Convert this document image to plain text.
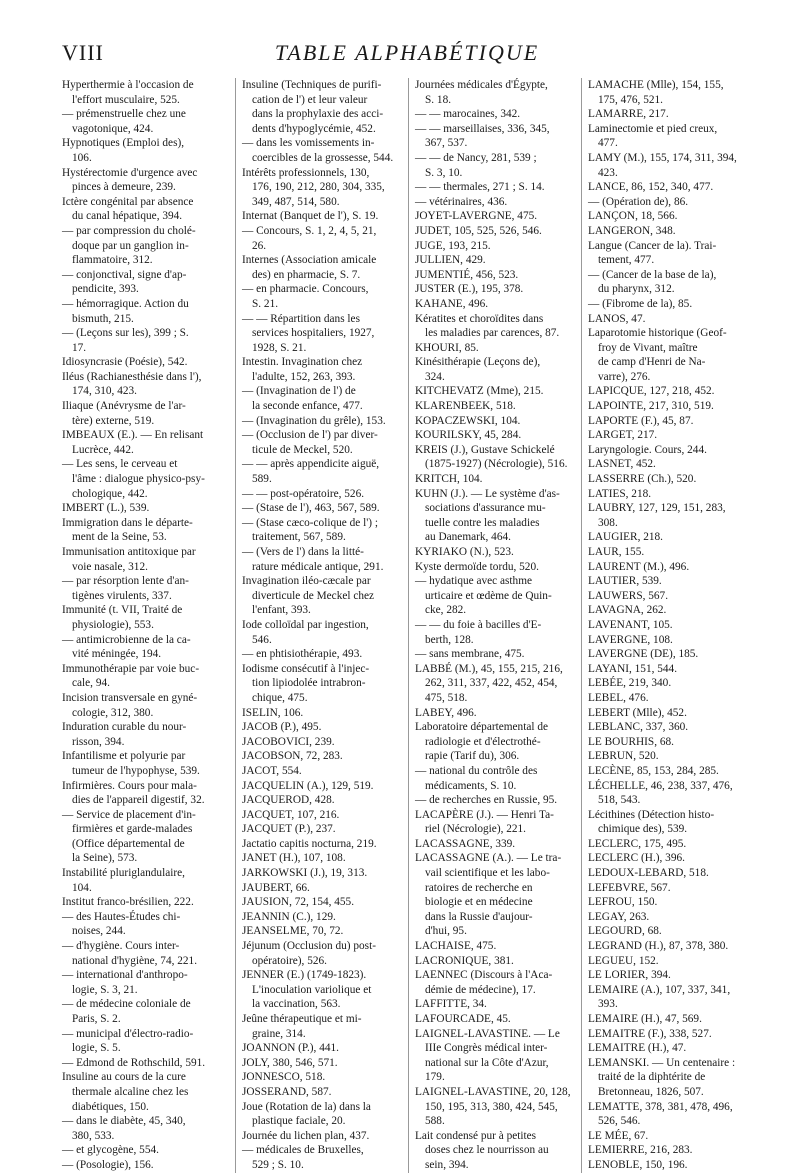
VIII	TABLE ALPHABÉTIQUE

Hyperthermie à l'occasion de
l'effort musculaire, 525.

— prémenstruelle chez une
vagotonique, 424.

Hypnotiques (Emploi des),
106.

Hystérectomie d'urgence avec
pinces à demeure, 239.

Ictère congénital par absence
du canal hépatique, 394.

— par compression du cholé-
doque par un ganglion in-
flammatoire, 312.

— conjonctival, signe d'ap-
pendicite, 393.

— hémorragique. Action du
bismuth, 215.

— (Leçons sur les), 399 ; S.
17.

Idiosyncrasie (Poésie), 542.

Iléus (Rachianesthésie dans l'),
174, 310, 423.

Iliaque (Anévrysme de l'ar-
tère) externe, 519.

IMBEAUX (E.). — En relisant
Lucrèce, 442.

— Les sens, le cerveau et
l'âme : dialogue physico-psy-
chologique, 442.

IMBERT (L.), 539.

Immigration dans le départe-
ment de la Seine, 53.

Immunisation antitoxique par
voie nasale, 312.

— par résorption lente d'an-
tigènes virulents, 337.

Immunité (t. VII, Traité de
physiologie), 553.

— antimicrobienne de la ca-
vité méningée, 194.

Immunothérapie par voie buc-
cale, 94.

Incision transversale en gyné-
cologie, 312, 380.

Induration curable du nour-
risson, 394.

Infantilisme et polyurie par
tumeur de l'hypophyse, 539.

Infirmières. Cours pour mala-
dies de l'appareil digestif, 32.

— Service de placement d'in-
firmières et garde-malades
(Office départemental de
la Seine), 573.

Instabilité pluriglandulaire,
104.

Institut franco-brésilien, 222.

— des Hautes-Études chi-
noises, 244.

— d'hygiène. Cours inter-
national d'hygiène, 74, 221.

— international d'anthropo-
logie, S. 3, 21.

— de médecine coloniale de
Paris, S. 2.

— municipal d'électro-radio-
logie, S. 5.

— Edmond de Rothschild, 591.

Insuline au cours de la cure
thermale alcaline chez les
diabétiques, 150.

— dans le diabète, 45, 340,
380, 533.

— et glycogène, 554.

— (Posologie), 156.

Insuline (Techniques de purifi-
cation de l') et leur valeur
dans la prophylaxie des acci-
dents d'hypoglycémie, 452.

— dans les vomissements in-
coercibles de la grossesse, 544.

Intérêts professionnels, 130,
176, 190, 212, 280, 304, 335,
349, 487, 514, 580.

Internat (Banquet de l'), S. 19.

— Concours, S. 1, 2, 4, 5, 21,
26.

Internes (Association amicale
des) en pharmacie, S. 7.

— en pharmacie. Concours,
S. 21.

— — Répartition dans les
services hospitaliers, 1927,
1928, S. 21.

Intestin. Invagination chez
l'adulte, 152, 263, 393.

— (Invagination de l') de
la seconde enfance, 477.

— (Invagination du grêle), 153.

— (Occlusion de l') par diver-
ticule de Meckel, 520.

— — après appendicite aiguë,
589.

— — post-opératoire, 526.

— (Stase de l'), 463, 567, 589.

— (Stase cæco-colique de l') ;
traitement, 567, 589.

— (Vers de l') dans la litté-
rature médicale antique, 291.

Invagination iléo-cæcale par
diverticule de Meckel chez
l'enfant, 393.

Iode colloïdal par ingestion,
546.

— en phtisiothérapie, 493.

Iodisme consécutif à l'injec-
tion lipiodolée intrabron-
chique, 475.

ISELIN, 106.

JACOB (P.), 495.

JACOBOVICI, 239.

JACOBSON, 72, 283.

JACOT, 554.

JACQUELIN (A.), 129, 519.

JACQUEROD, 428.

JACQUET, 107, 216.

JACQUET (P.), 237.

Jactatio capitis nocturna, 219.

JANET (H.), 107, 108.

JARKOWSKI (J.), 19, 313.

JAUBERT, 66.

JAUSION, 72, 154, 455.

JEANNIN (C.), 129.

JEANSELME, 70, 72.

Jéjunum (Occlusion du) post-
opératoire), 526.

JENNER (E.) (1749-1823).
L'inoculation variolique et
la vaccination, 563.

Jeûne thérapeutique et mi-
graine, 314.

JOANNON (P.), 441.

JOLY, 380, 546, 571.

JONNESCO, 518.

JOSSERAND, 587.

Joue (Rotation de la) dans la
plastique faciale, 20.

Journée du lichen plan, 437.

— médicales de Bruxelles,
529 ; S. 10.

Journées médicales d'Égypte,
S. 18.

— — marocaines, 342.

— — marseillaises, 336, 345,
367, 537.

— — de Nancy, 281, 539 ;
S. 3, 10.

— — thermales, 271 ; S. 14.

— vétérinaires, 436.

JOYET-LAVERGNE, 475.

JUDET, 105, 525, 526, 546.

JUGE, 193, 215.

JULLIEN, 429.

JUMENTIÉ, 456, 523.

JUSTER (E.), 195, 378.

KAHANE, 496.

Kératites et choroïdites dans
les maladies par carences, 87.

KHOURI, 85.

Kinésithérapie (Leçons de),
324.

KITCHEVATZ (Mme), 215.

KLARENBEEK, 518.

KOPACZEWSKI, 104.

KOURILSKY, 45, 284.

KREIS (J.), Gustave Schickelé
(1875-1927) (Nécrologie), 516.

KRITCH, 104.

KUHN (J.). — Le système d'as-
sociations d'assurance mu-
tuelle contre les maladies
au Danemark, 464.

KYRIAKO (N.), 523.

Kyste dermoïde tordu, 520.

— hydatique avec asthme
urticaire et œdème de Quin-
cke, 282.

— — du foie à bacilles d'E-
berth, 128.

— sans membrane, 475.

LABBÉ (M.), 45, 155, 215, 216,
262, 311, 337, 422, 452, 454,
475, 518.

LABEY, 496.

Laboratoire départemental de
radiologie et d'électrothé-
rapie (Tarif du), 306.

— national du contrôle des
médicaments, S. 10.

— de recherches en Russie, 95.

LACAPÈRE (J.). — Henri Ta-
riel (Nécrologie), 221.

LACASSAGNE, 339.

LACASSAGNE (A.). — Le tra-
vail scientifique et les labo-
ratoires de recherche en
biologie et en médecine
dans la Russie d'aujour-
d'hui, 95.

LACHAISE, 475.

LACRONIQUE, 381.

LAENNEC (Discours à l'Aca-
démie de médecine), 17.

LAFFITTE, 34.

LAFOURCADE, 45.

LAIGNEL-LAVASTINE. — Le
IIIe Congrès médical inter-
national sur la Côte d'Azur,
179.

LAIGNEL-LAVASTINE, 20, 128,
150, 195, 313, 380, 424, 545,
588.

Lait condensé pur à petites
doses chez le nourrisson au
sein, 394.

LAMACHE (Mlle), 154, 155,
175, 476, 521.

LAMARRE, 217.

Laminectomie et pied creux,
477.

LAMY (M.), 155, 174, 311, 394,
423.

LANCE, 86, 152, 340, 477.

— (Opération de), 86.

LANÇON, 18, 566.

LANGERON, 348.

Langue (Cancer de la). Trai-
tement, 477.

— (Cancer de la base de la),
du pharynx, 312.

— (Fibrome de la), 85.

LANOS, 47.

Laparotomie historique (Geof-
froy de Vivant, maître
de camp d'Henri de Na-
varre), 276.

LAPICQUE, 127, 218, 452.

LAPOINTE, 217, 310, 519.

LAPORTE (F.), 45, 87.

LARGET, 217.

Laryngologie. Cours, 244.

LASNET, 452.

LASSERRE (Ch.), 520.

LATIES, 218.

LAUBRY, 127, 129, 151, 283,
308.

LAUGIER, 218.

LAUR, 155.

LAURENT (M.), 496.

LAUTIER, 539.

LAUWERS, 567.

LAVAGNA, 262.

LAVENANT, 105.

LAVERGNE, 108.

LAVERGNE (DE), 185.

LAYANI, 151, 544.

LEBÉE, 219, 340.

LEBEL, 476.

LEBERT (Mlle), 452.

LEBLANC, 337, 360.

LE BOURHIS, 68.

LEBRUN, 520.

LECÈNE, 85, 153, 284, 285.

LÉCHELLE, 46, 238, 337, 476,
518, 543.

Lécithines (Détection histo-
chimique des), 539.

LECLERC, 175, 495.

LECLERC (H.), 396.

LEDOUX-LEBARD, 518.

LEFEBVRE, 567.

LEFROU, 150.

LEGAY, 263.

LEGOURD, 68.

LEGRAND (H.), 87, 378, 380.

LEGUEU, 152.

LE LORIER, 394.

LEMAIRE (A.), 107, 337, 341,
393.

LEMAIRE (H.), 47, 569.

LEMAITRE (F.), 338, 527.

LEMAITRE (H.), 47.

LEMANSKI. — Un centenaire :
traité de la diphtérite de
Bretonneau, 1826, 507.

LEMATTE, 378, 381, 478, 496,
526, 546.

LE MÉE, 67.

LEMIERRE, 216, 283.

LENOBLE, 150, 196.
